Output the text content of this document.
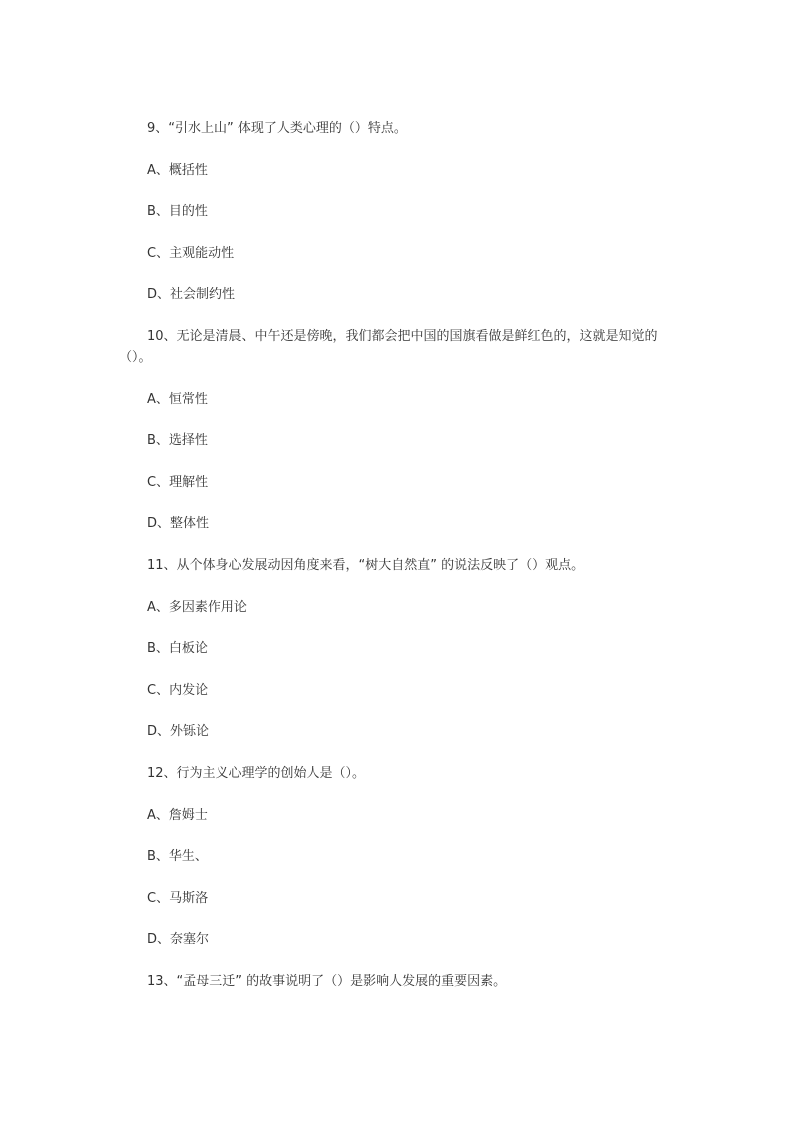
9、“引水上山” 体现了人类心理的（）特点。

A、概括性

B、目的性

C、主观能动性

D、社会制约性

10、无论是清晨、中午还是傍晚，我们都会把中国的国旗看做是鲜红色的，这就是知觉的（）。

A、恒常性

B、选择性

C、理解性

D、整体性

11、从个体身心发展动因角度来看，“树大自然直” 的说法反映了（）观点。

A、多因素作用论

B、白板论

C、内发论

D、外铄论

12、行为主义心理学的创始人是（）。

A、詹姆士

B、华生、

C、马斯洛

D、奈塞尔

13、“孟母三迁” 的故事说明了（）是影响人发展的重要因素。
